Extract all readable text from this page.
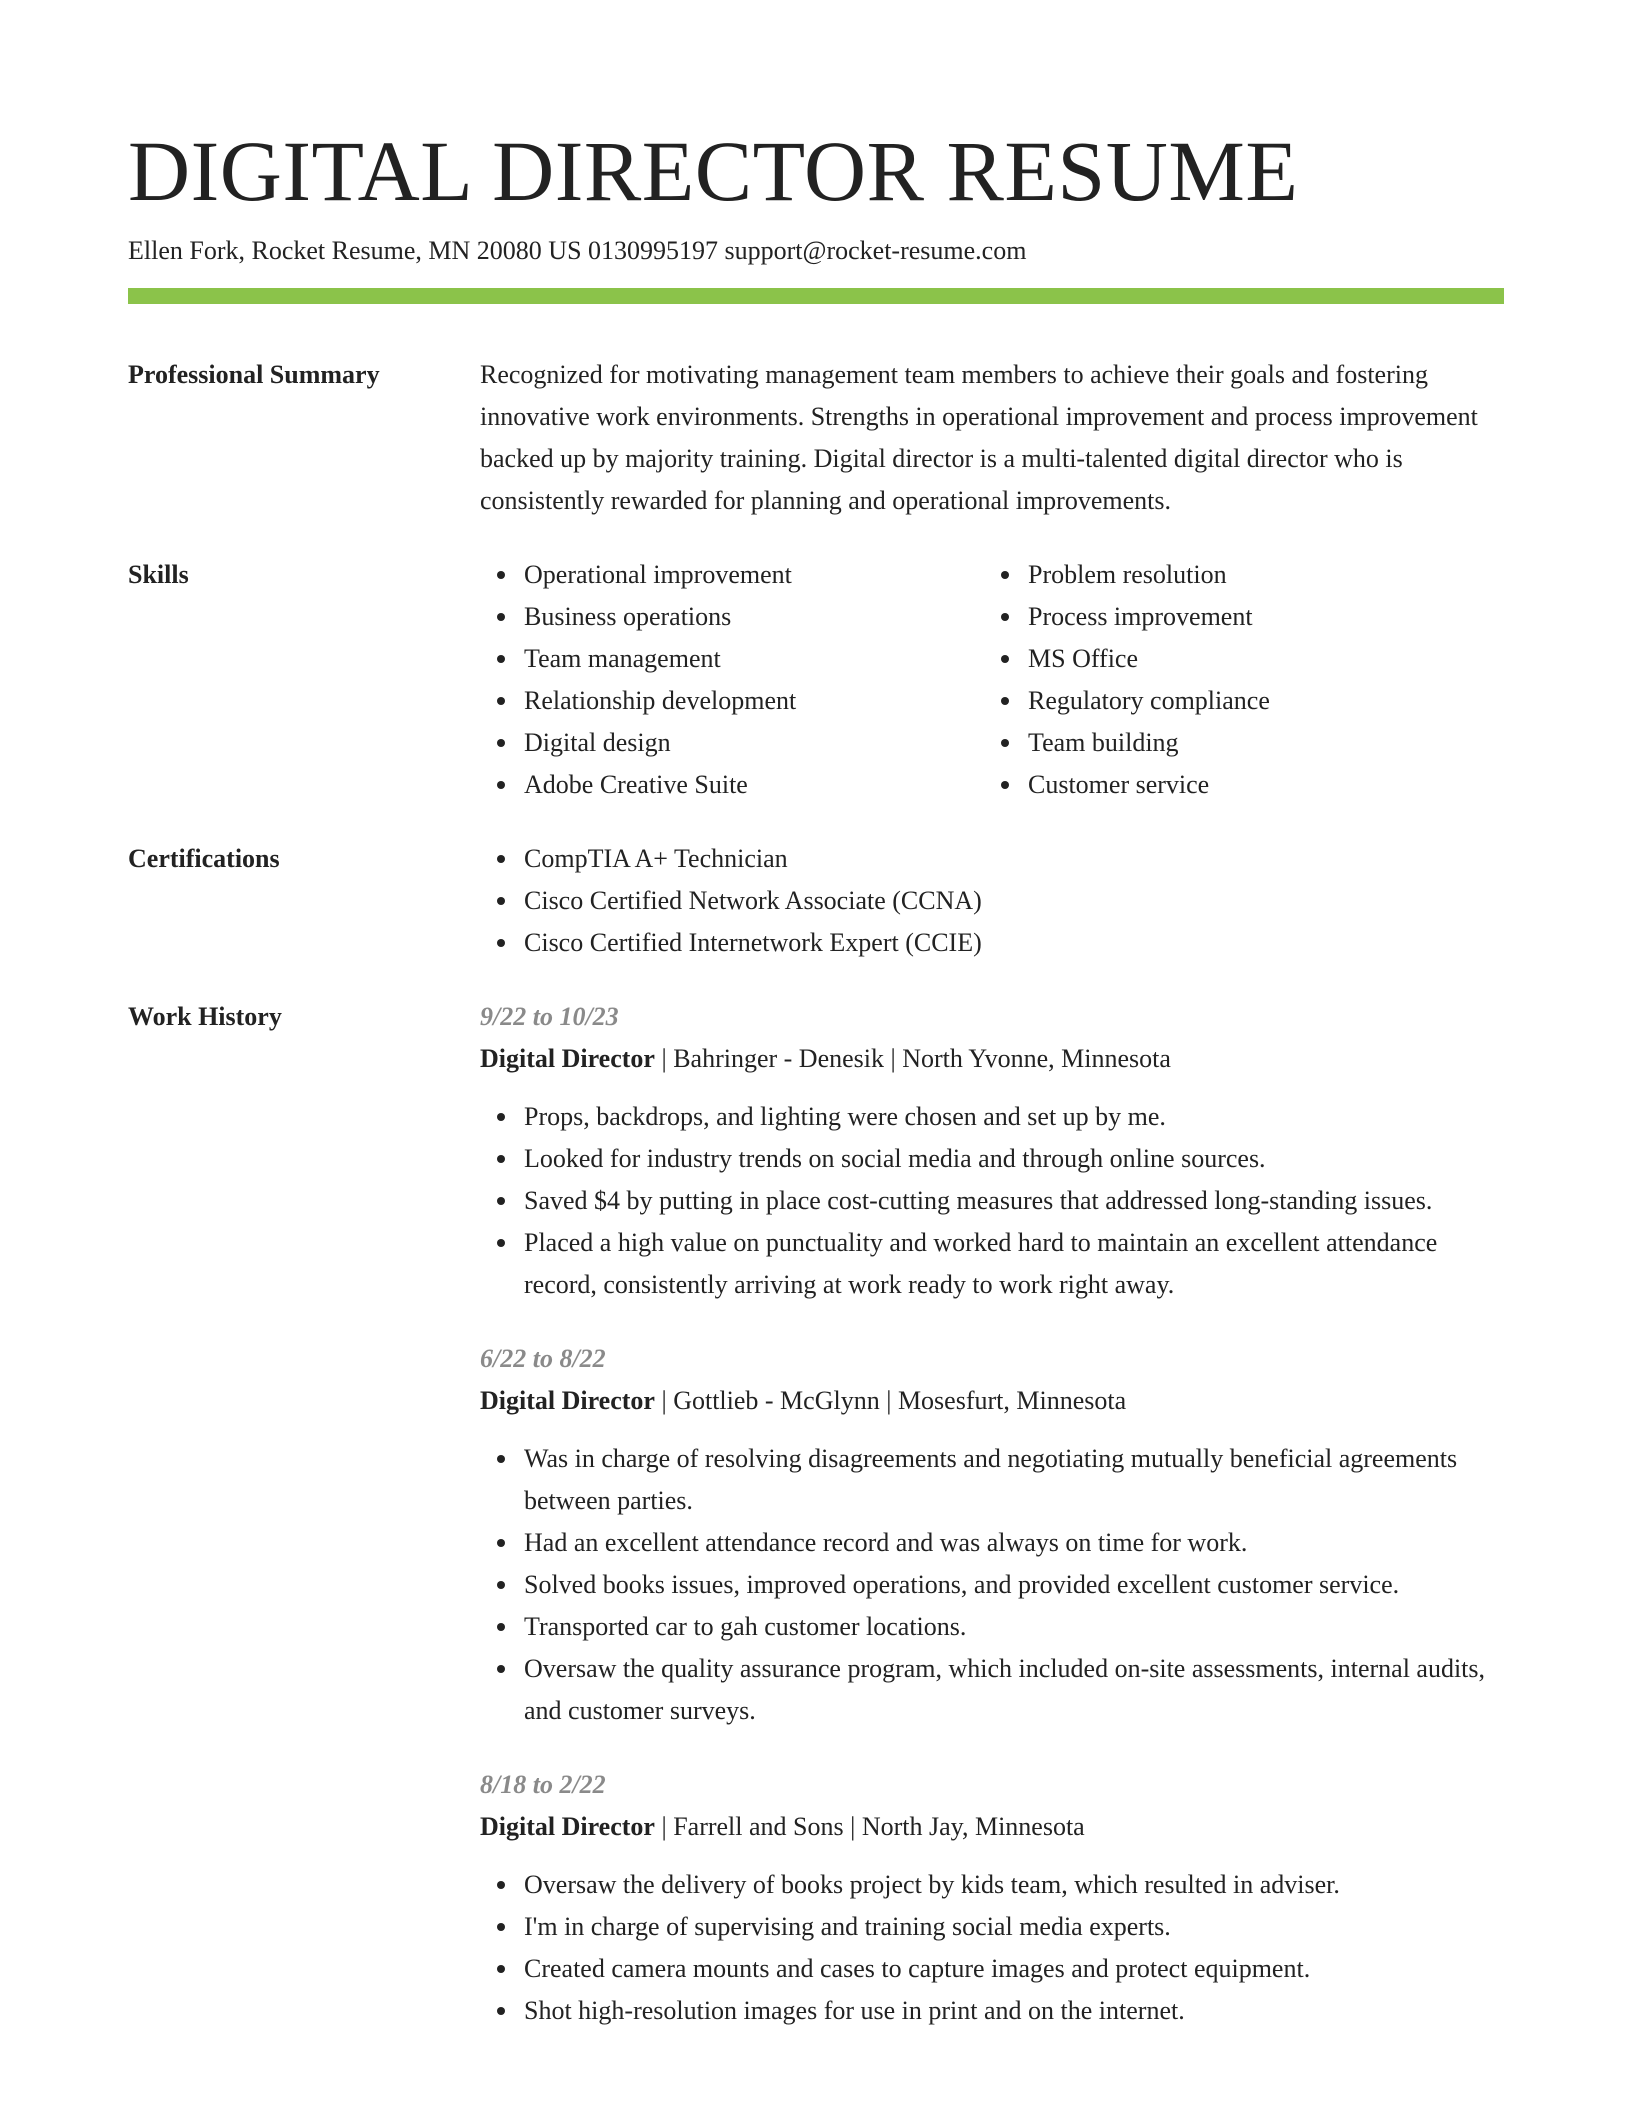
DIGITAL DIRECTOR RESUME
Ellen Fork, Rocket Resume, MN 20080 US 0130995197 support@rocket-resume.com
Professional Summary	Recognized for motivating management team members to achieve their goals and fostering innovative work environments. Strengths in operational improvement and process improvement backed up by majority training. Digital director is a multi-talented digital director who is consistently rewarded for planning and operational improvements.
Skills	Operational improvement
Business operations
Team management
Relationship development
Digital design
Adobe Creative Suite
Problem resolution
Process improvement
MS Office
Regulatory compliance
Team building
Customer service
Certifications	CompTIA A+ Technician
Cisco Certified Network Associate (CCNA)
Cisco Certified Internetwork Expert (CCIE)
Work History	9/22 to 10/23
Digital Director | Bahringer - Denesik | North Yvonne, Minnesota
Props, backdrops, and lighting were chosen and set up by me.
Looked for industry trends on social media and through online sources.
Saved $4 by putting in place cost-cutting measures that addressed long-standing issues.
Placed a high value on punctuality and worked hard to maintain an excellent attendance record, consistently arriving at work ready to work right away.
6/22 to 8/22
Digital Director | Gottlieb - McGlynn | Mosesfurt, Minnesota
Was in charge of resolving disagreements and negotiating mutually beneficial agreements between parties.
Had an excellent attendance record and was always on time for work.
Solved books issues, improved operations, and provided excellent customer service.
Transported car to gah customer locations.
Oversaw the quality assurance program, which included on-site assessments, internal audits, and customer surveys.
8/18 to 2/22
Digital Director | Farrell and Sons | North Jay, Minnesota
Oversaw the delivery of books project by kids team, which resulted in adviser.
I'm in charge of supervising and training social media experts.
Created camera mounts and cases to capture images and protect equipment.
Shot high-resolution images for use in print and on the internet.
